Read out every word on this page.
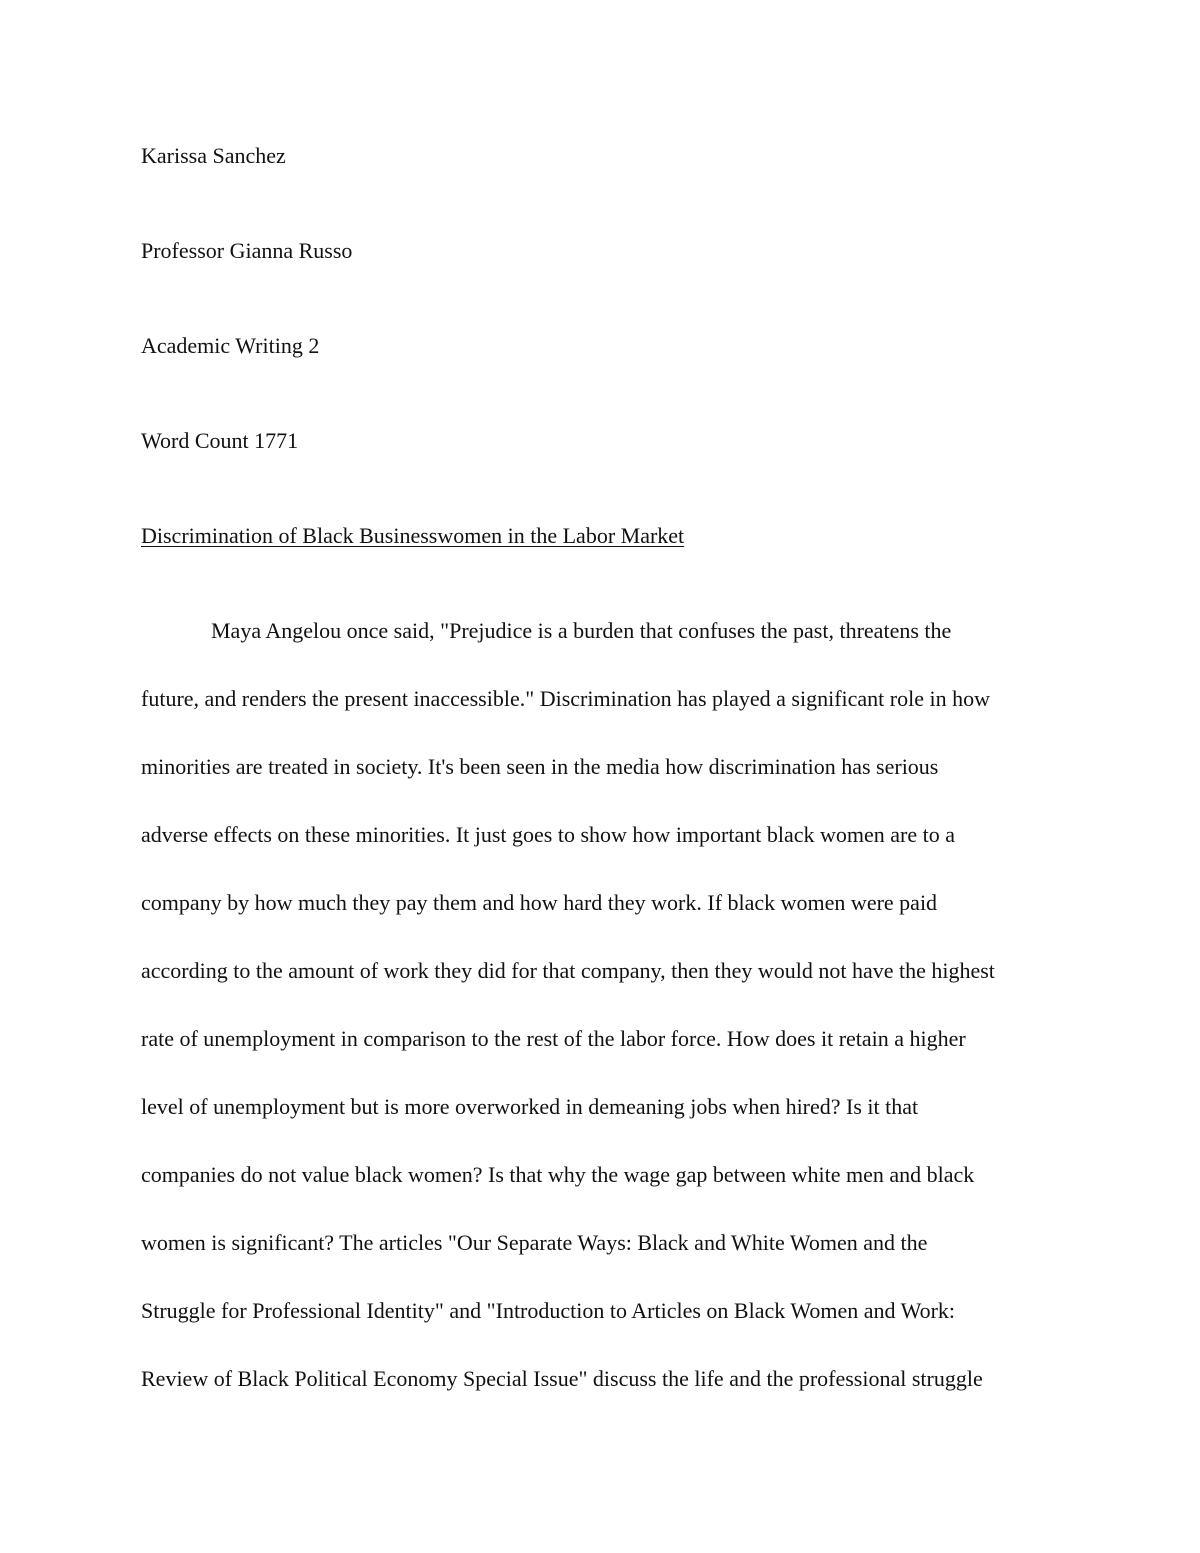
Karissa Sanchez

Professor Gianna Russo

Academic Writing 2

Word Count 1771

Discrimination of Black Businesswomen in the Labor Market

Maya Angelou once said, "Prejudice is a burden that confuses the past, threatens the
future, and renders the present inaccessible." Discrimination has played a significant role in how
minorities are treated in society. It's been seen in the media how discrimination has serious
adverse effects on these minorities. It just goes to show how important black women are to a
company by how much they pay them and how hard they work. If black women were paid
according to the amount of work they did for that company, then they would not have the highest
rate of unemployment in comparison to the rest of the labor force. How does it retain a higher
level of unemployment but is more overworked in demeaning jobs when hired? Is it that
companies do not value black women? Is that why the wage gap between white men and black
women is significant? The articles "Our Separate Ways: Black and White Women and the
Struggle for Professional Identity" and "Introduction to Articles on Black Women and Work:
Review of Black Political Economy Special Issue" discuss the life and the professional struggle
